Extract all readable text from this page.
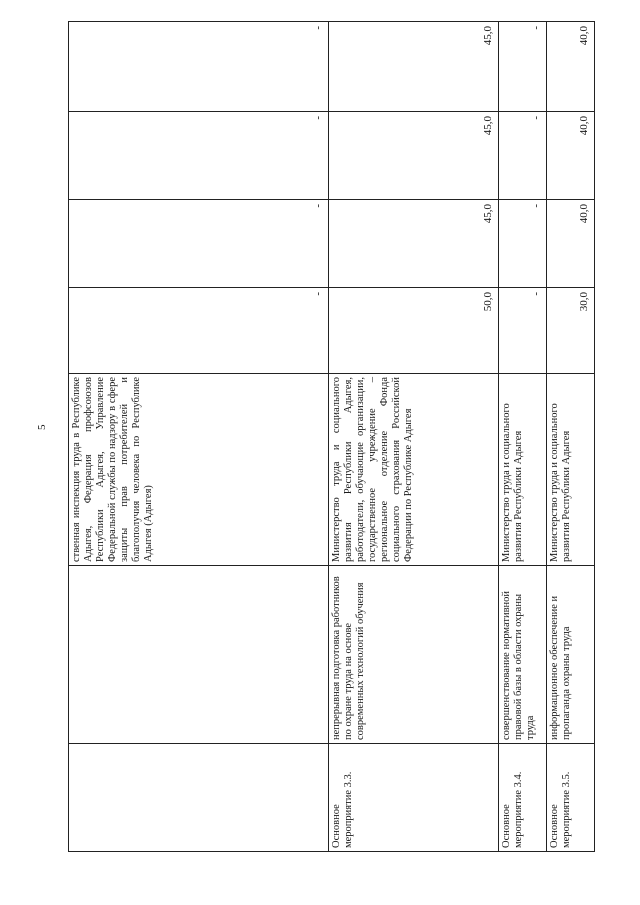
5
		ственная инспекция труда в Республике Адыгея, Федерация профсоюзов Республики Адыгея, Управление Федеральной службы по надзору в сфере защиты прав потребителей и благополучия человека по Республике Адыгея (Адыгея)	-	-	-	-
Основное мероприятие 3.3.	непрерывная подготовка работников по охране труда на основе современных технологий обучения	Министерство труда и социального развития Республики Адыгея, работодатели, обучающие организации, государственное учреждение – региональное отделение Фонда социального страхования Российской Федерации по Республике Адыгея	50,0	45,0	45,0	45,0
Основное мероприятие 3.4.	совершенствование нормативной правовой базы в области охраны труда	Министерство труда и социального развития Республики Адыгея	-	-	-	-
Основное мероприятие 3.5.	информационное обеспечение и пропаганда охраны труда	Министерство труда и социального развития Республики Адыгея	30,0	40,0	40,0	40,0
